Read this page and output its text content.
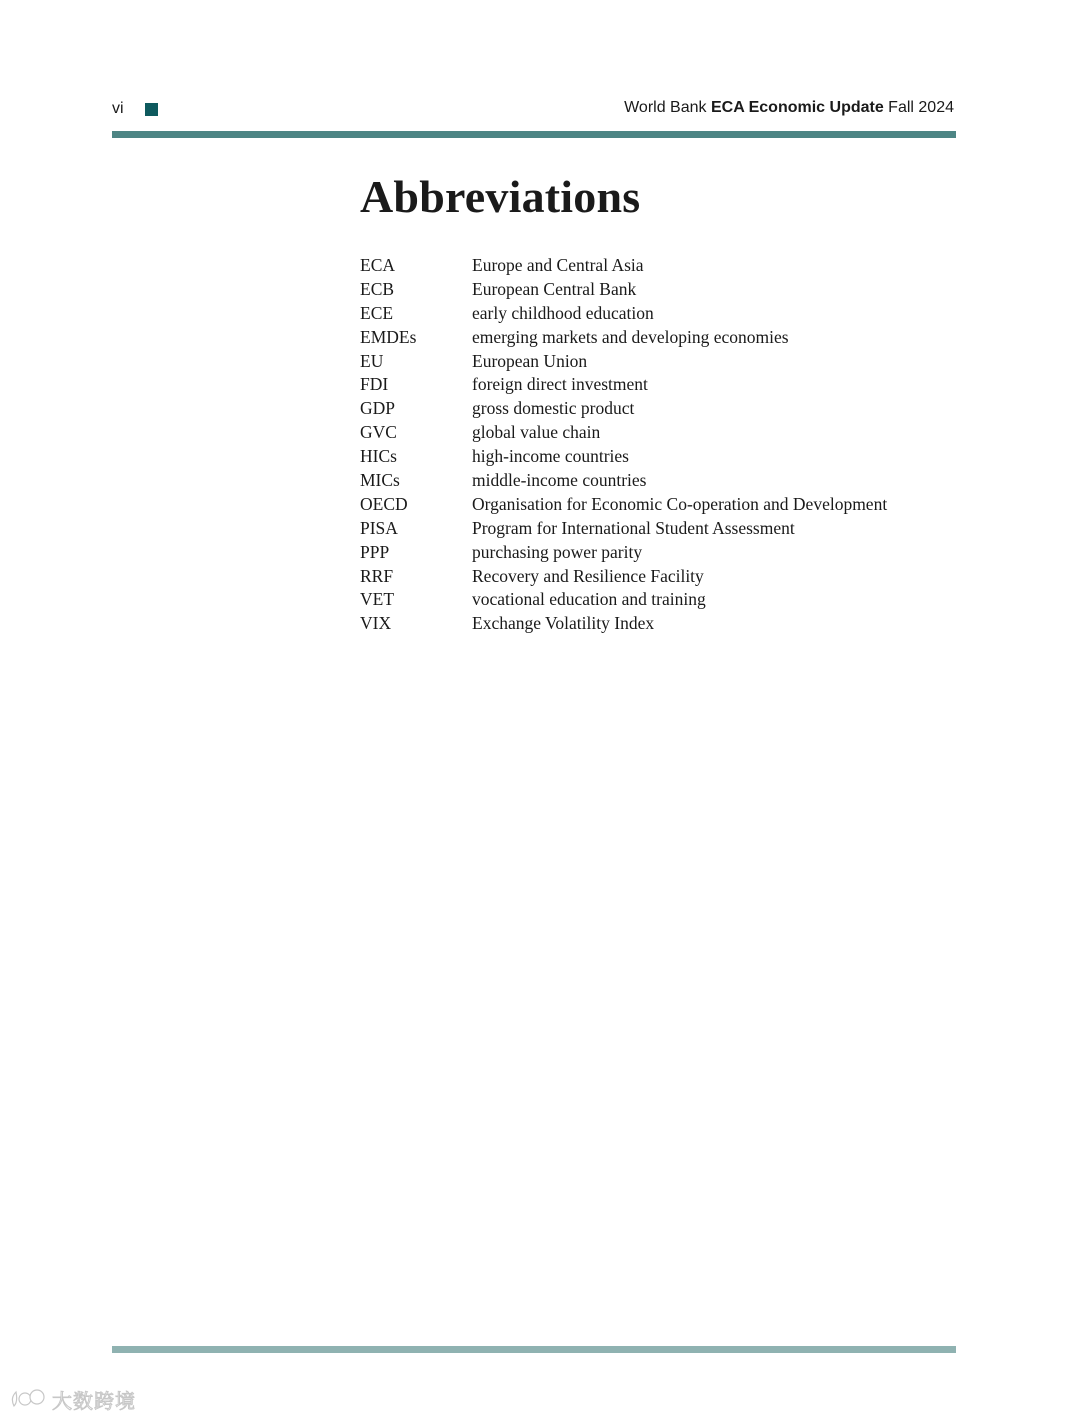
vi	World Bank ECA Economic Update Fall 2024
Abbreviations
ECA	Europe and Central Asia
ECB	European Central Bank
ECE	early childhood education
EMDEs	emerging markets and developing economies
EU	European Union
FDI	foreign direct investment
GDP	gross domestic product
GVC	global value chain
HICs	high-income countries
MICs	middle-income countries
OECD	Organisation for Economic Co-operation and Development
PISA	Program for International Student Assessment
PPP	purchasing power parity
RRF	Recovery and Resilience Facility
VET	vocational education and training
VIX	Exchange Volatility Index
大数跨境
